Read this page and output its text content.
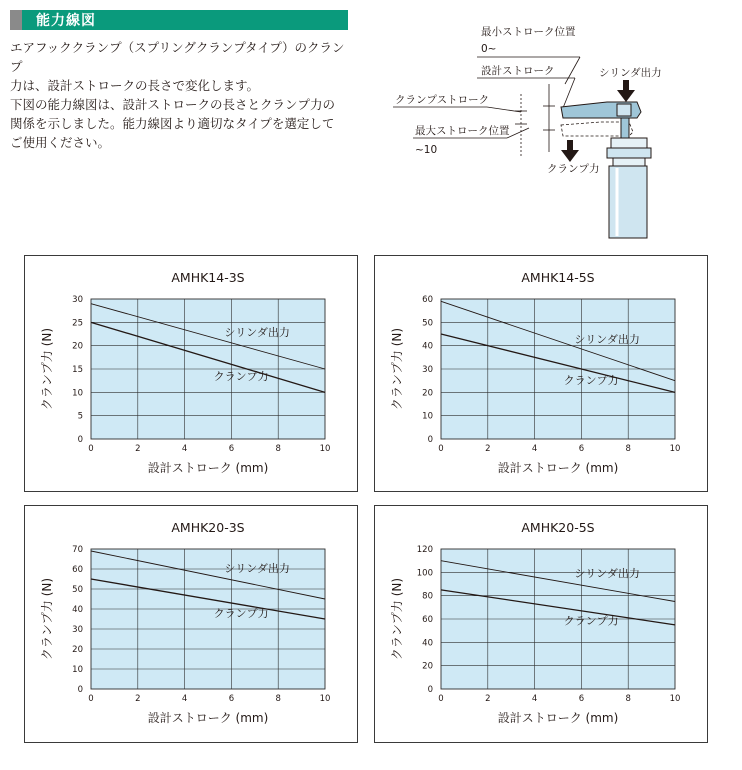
能力線図

エアフッククランプ（スプリングクランプタイプ）のクランプ

力は、設計ストロークの長さで変化します。

下図の能力線図は、設計ストロークの長さとクランプ力の

関係を示しました。能力線図より適切なタイプを選定して

ご使用ください。

最小ストローク位置
0~
設計ストローク
クランプストローク
最大ストローク位置
~10
シリンダ出力
クランプ力
AMHK14-3S
0	2	4	6	8	10
0
5
10
15
20
25
30
設計ストローク (mm)
クランプ力 (N)	シリンダ出力
クランプ力
AMHK14-5S
0	2	4	6	8	10
0
10
20
30
40
50
60
設計ストローク (mm)
クランプ力 (N)	シリンダ出力
クランプ力
AMHK20-3S
0	2	4	6	8	10
0
10
20
30
40
50
60
70
設計ストローク (mm)
クランプ力 (N)
シリンダ出力
クランプ力
AMHK20-5S
0	2	4	6	8	10
0
20
40
60
80
100
120
設計ストローク (mm)
クランプ力 (N)
シリンダ出力
クランプ力
